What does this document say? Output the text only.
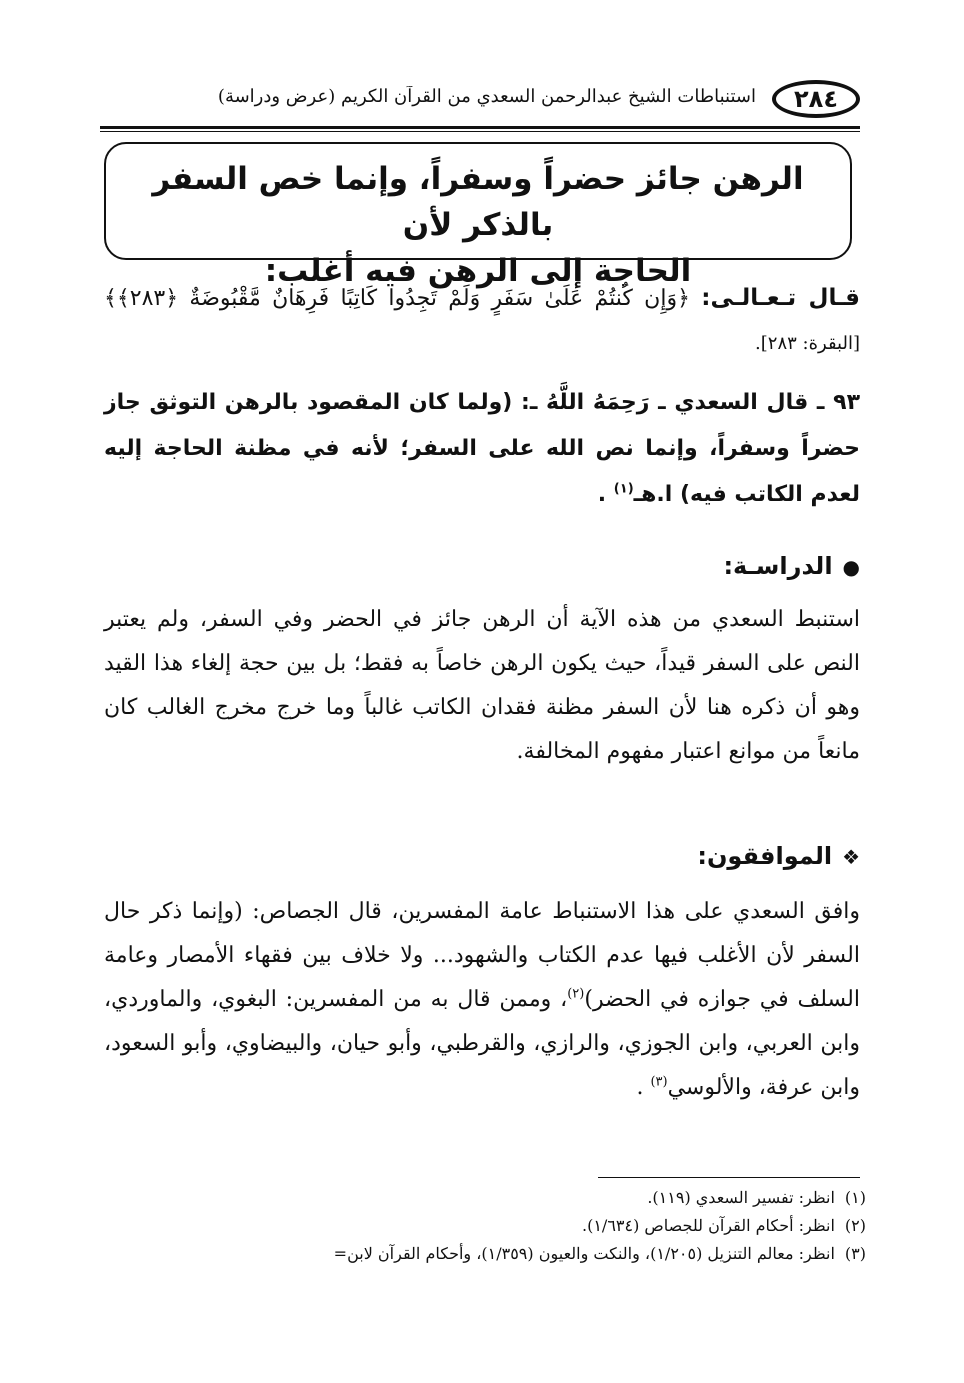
٢٨٤
استنباطات الشيخ عبدالرحمن السعدي من القرآن الكريم (عرض ودراسة)
الرهن جائز حضراً وسفراً، وإنما خص السفر بالذكر لأن
الحاجة إلى الرهن فيه أغلب:
قـال تـعـالـى: ﴿وَإِن كُنتُمْ عَلَىٰ سَفَرٍ وَلَمْ تَجِدُوا كَاتِبًا فَرِهَانٌ مَّقْبُوضَةٌ ﴿٢٨٣﴾﴾ [البقرة: ٢٨٣].
٩٣ ـ قال السعدي ـ رَحِمَهُ اللَّهُ ـ: (ولما كان المقصود بالرهن التوثق جاز حضراً وسفراً، وإنما نص الله على السفر؛ لأنه في مظنة الحاجة إليه لعدم الكاتب فيه) ا.هـ$^{(١)}$ .
●الدراسـة:
استنبط السعدي من هذه الآية أن الرهن جائز في الحضر وفي السفر، ولم يعتبر النص على السفر قيداً، حيث يكون الرهن خاصاً به فقط؛ بل بين حجة إلغاء هذا القيد وهو أن ذكره هنا لأن السفر مظنة فقدان الكاتب غالباً وما خرج مخرج الغالب كان مانعاً من موانع اعتبار مفهوم المخالفة.
❖الموافقون:
وافق السعدي على هذا الاستنباط عامة المفسرين، قال الجصاص: (وإنما ذكر حال السفر لأن الأغلب فيها عدم الكتاب والشهود... ولا خلاف بين فقهاء الأمصار وعامة السلف في جوازه في الحضر)$^{(٢)}$، وممن قال به من المفسرين: البغوي، والماوردي، وابن العربي، وابن الجوزي، والرازي، والقرطبي، وأبو حيان، والبيضاوي، وأبو السعود، وابن عرفة، والألوسي$^{(٣)}$ .
(١)انظر: تفسير السعدي (١١٩).
(٢)انظر: أحكام القرآن للجصاص (١/٦٣٤).
(٣)انظر: معالم التنزيل (١/٢٠٥)، والنكت والعيون (١/٣٥٩)، وأحكام القرآن لابن=
